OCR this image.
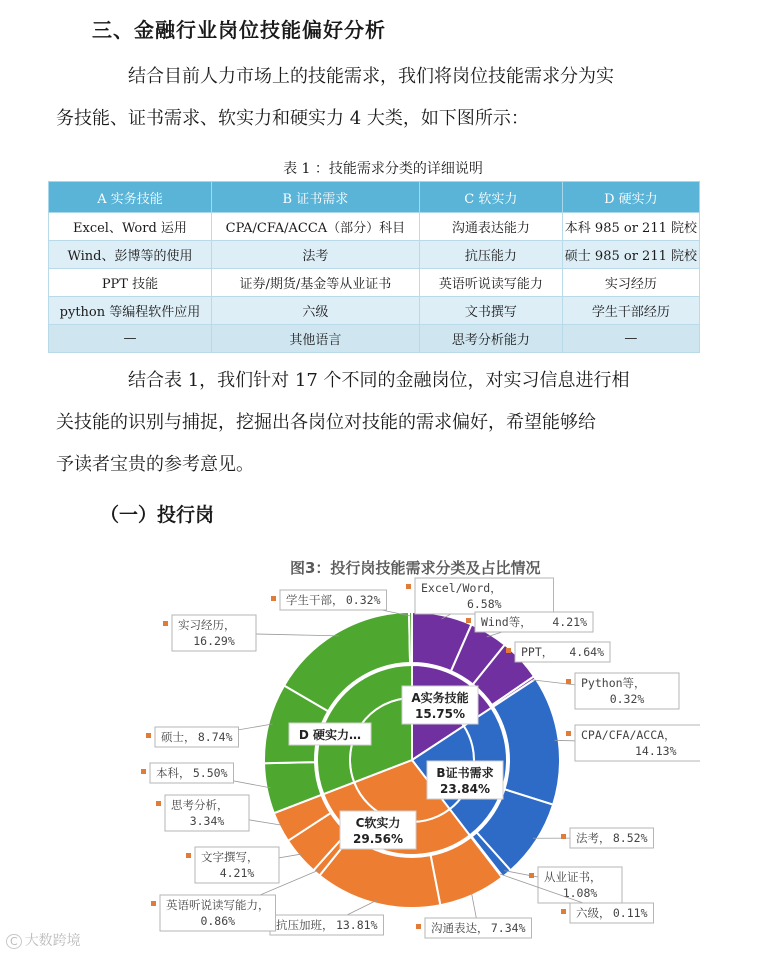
三、金融行业岗位技能偏好分析

结合目前人力市场上的技能需求，我们将岗位技能需求分为实
务技能、证书需求、软实力和硬实力 4 大类，如下图所示：

表 1 ：技能需求分类的详细说明
A 实务技能	B 证书需求	C 软实力	D 硬实力
Excel、Word 运用	CPA/CFA/ACCA（部分）科目	沟通表达能力	本科 985 or 211 院校
Wind、彭博等的使用	法考	抗压能力	硕士 985 or 211 院校
PPT 技能	证券/期货/基金等从业证书	英语听说读写能力	实习经历
python 等编程软件应用	六级	文书撰写	学生干部经历
—	其他语言	思考分析能力	—

结合表 1，我们针对 17 个不同的金融岗位，对实习信息进行相
关技能的识别与捕捉，挖掘出各岗位对技能的需求偏好，希望能够给
予读者宝贵的参考意见。

（一）投行岗
图3：投行岗技能需求分类及占比情况
A实务技能
15.75%
B证书需求
23.84%
C软实力
29.56%
D 硬实力…
Excel/Word，
6.58%
Wind等， 4.21%
PPT， 4.64%
Python等，
0.32%
CPA/CFA/ACCA，
14.13%
法考， 8.52%
从业证书，
1.08%
六级， 0.11%
沟通表达， 7.34%
抗压加班， 13.81%
英语听说读写能力，
0.86%
文字撰写，
4.21%
思考分析，
3.34%
本科， 5.50%
硕士， 8.74%
实习经历，
16.29%
学生干部， 0.32%
C 大数跨境
